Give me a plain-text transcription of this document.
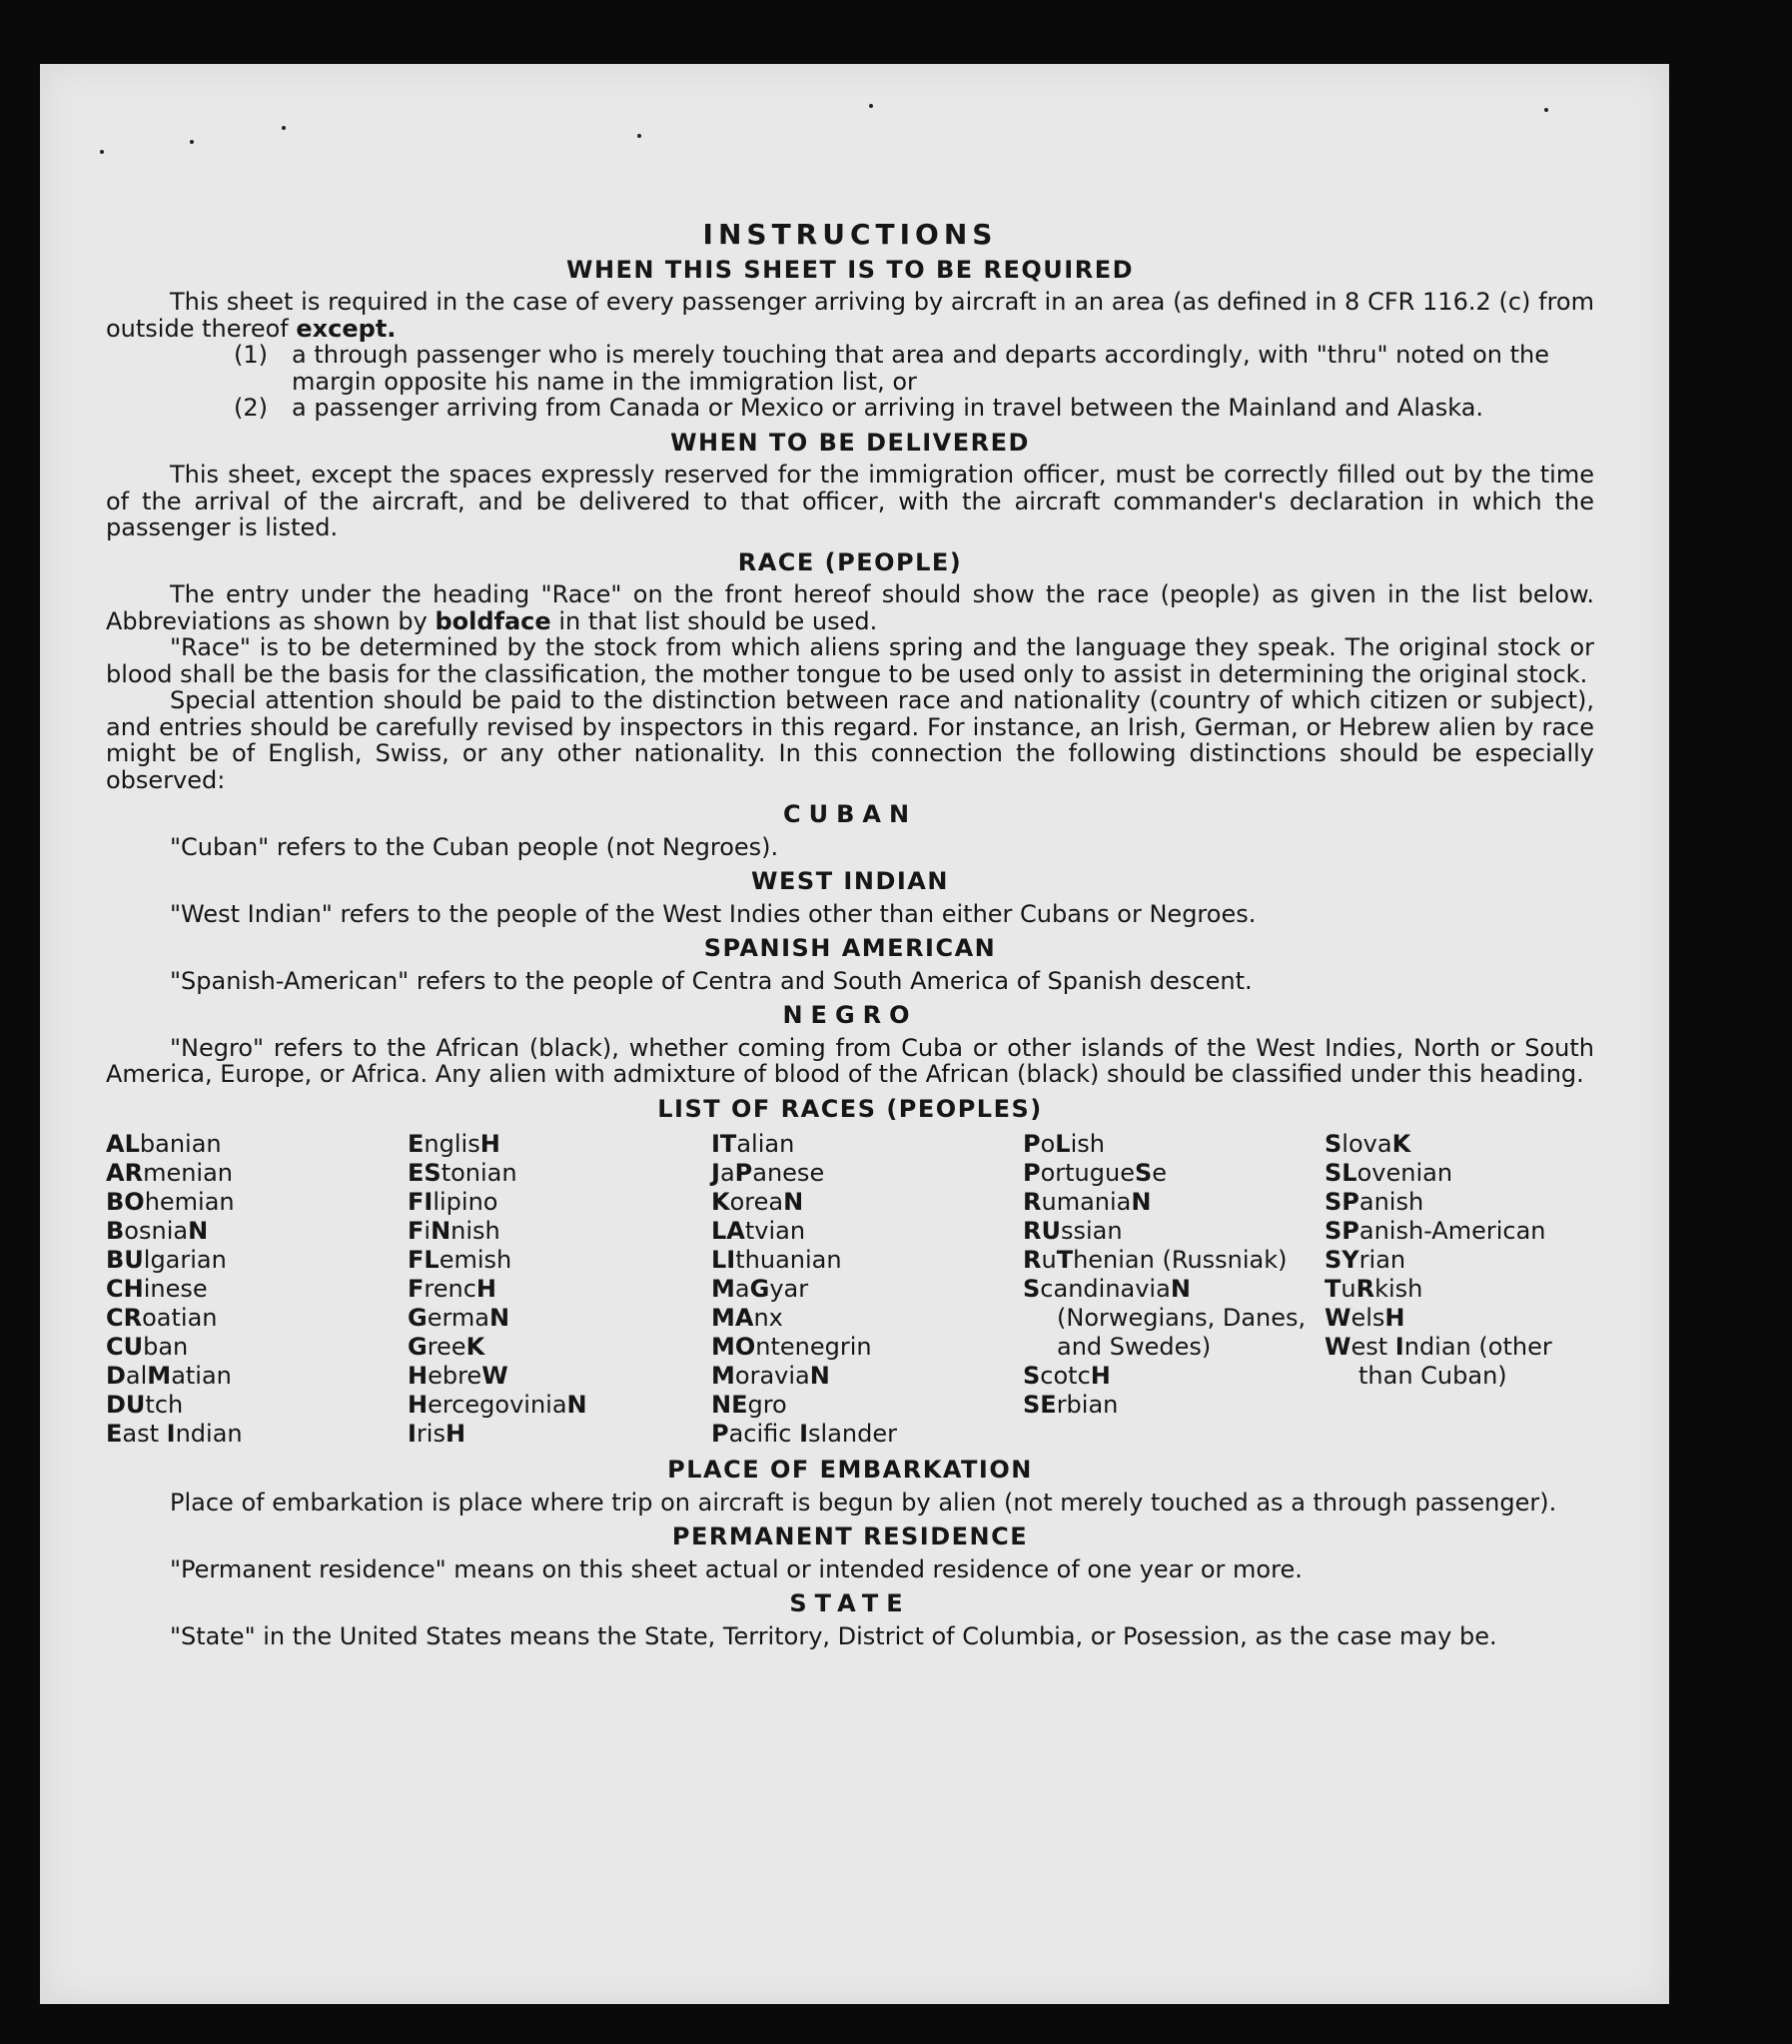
INSTRUCTIONS
WHEN THIS SHEET IS TO BE REQUIRED

This sheet is required in the case of every passenger arriving by aircraft in an area (as defined in 8 CFR 116.2 (c) from outside thereof except.

(1)	a through passenger who is merely touching that area and departs accordingly, with "thru" noted on the margin opposite his name in the immigration list, or
(2)	a passenger arriving from Canada or Mexico or arriving in travel between the Mainland and Alaska.
WHEN TO BE DELIVERED

This sheet, except the spaces expressly reserved for the immigration officer, must be correctly filled out by the time of the arrival of the aircraft, and be delivered to that officer, with the aircraft commander's declaration in which the passenger is listed.

RACE (PEOPLE)

The entry under the heading "Race" on the front hereof should show the race (people) as given in the list below. Abbreviations as shown by boldface in that list should be used.

"Race" is to be determined by the stock from which aliens spring and the language they speak. The original stock or blood shall be the basis for the classification, the mother tongue to be used only to assist in determining the original stock.

Special attention should be paid to the distinction between race and nationality (country of which citizen or subject), and entries should be carefully revised by inspectors in this regard. For instance, an Irish, German, or Hebrew alien by race might be of English, Swiss, or any other nationality. In this connection the following distinctions should be especially observed:

CUBAN

"Cuban" refers to the Cuban people (not Negroes).

WEST INDIAN

"West Indian" refers to the people of the West Indies other than either Cubans or Negroes.

SPANISH AMERICAN

"Spanish-American" refers to the people of Centra and South America of Spanish descent.

NEGRO

"Negro" refers to the African (black), whether coming from Cuba or other islands of the West Indies, North or South America, Europe, or Africa. Any alien with admixture of blood of the African (black) should be classified under this heading.

LIST OF RACES (PEOPLES)
ALbanian
ARmenian
BOhemian
BosniaN
BUlgarian
CHinese
CRoatian
CUban
DalMatian
DUtch
East Indian
EnglisH
EStonian
FIlipino
FiNnish
FLemish
FrencH
GermaN
GreeK
HebreW
HercegoviniaN
IrisH
ITalian
JaPanese
KoreaN
LAtvian
LIthuanian
MaGyar
MAnx
MOntenegrin
MoraviaN
NEgro
Pacific Islander
PoLish
PortugueSe
RumaniaN
RUssian
RuThenian (Russniak)
ScandinaviaN (Norwegians, Danes, and Swedes)
ScotcH
SErbian
SlovaK
SLovenian
SPanish
SPanish-American
SYrian
TuRkish
WelsH
West Indian (other than Cuban)
PLACE OF EMBARKATION

Place of embarkation is place where trip on aircraft is begun by alien (not merely touched as a through passenger).

PERMANENT RESIDENCE

"Permanent residence" means on this sheet actual or intended residence of one year or more.

STATE

"State" in the United States means the State, Territory, District of Columbia, or Posession, as the case may be.
